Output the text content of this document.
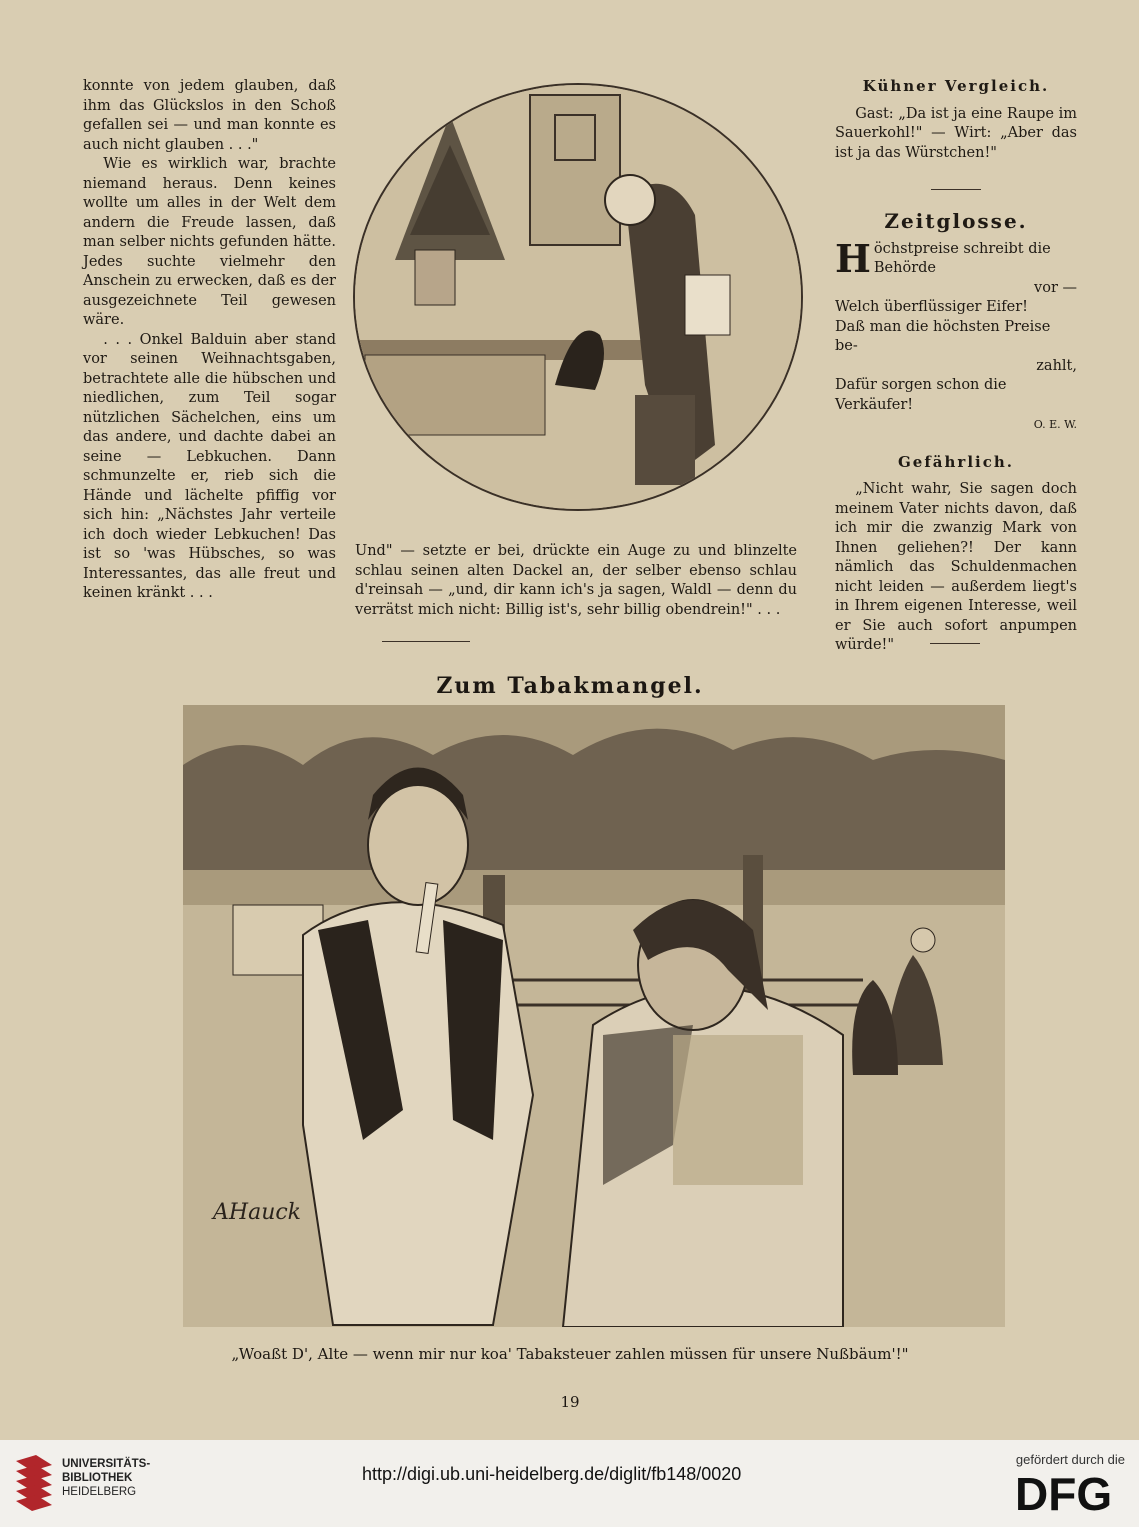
konnte von jedem glauben, daß ihm das Glückslos in den Schoß gefallen sei — und man konnte es auch nicht glauben . . ."

Wie es wirklich war, brachte niemand heraus. Denn keines wollte um alles in der Welt dem andern die Freude lassen, daß man selber nichts gefunden hätte. Jedes suchte vielmehr den Anschein zu erwecken, daß es der ausgezeichnete Teil gewesen wäre.

. . . Onkel Balduin aber stand vor seinen Weihnachtsgaben, betrachtete alle die hübschen und niedlichen, zum Teil sogar nützlichen Sächelchen, eins um das andere, und dachte dabei an seine — Lebkuchen. Dann schmunzelte er, rieb sich die Hände und lächelte pfiffig vor sich hin: „Nächstes Jahr verteile ich doch wieder Lebkuchen! Das ist so 'was Hübsches, so was Interessantes, das alle freut und keinen kränkt . . .

Und" — setzte er bei, drückte ein Auge zu und blinzelte schlau seinen alten Dackel an, der selber ebenso schlau d'reinsah — „und, dir kann ich's ja sagen, Waldl — denn du verrätst mich nicht: Billig ist's, sehr billig obendrein!" . . .

Kühner Vergleich.

Gast: „Da ist ja eine Raupe im Sauerkohl!" — Wirt: „Aber das ist ja das Würstchen!"

Zeitglosse.
H öchstpreise schreibt die Behörde
vor —
Welch überflüssiger Eifer!
Daß man die höchsten Preise be-
zahlt,
Dafür sorgen schon die Verkäufer!
O. E. W.
Gefährlich.

„Nicht wahr, Sie sagen doch meinem Vater nichts davon, daß ich mir die zwanzig Mark von Ihnen geliehen?! Der kann nämlich das Schuldenmachen nicht leiden — außerdem liegt's in Ihrem eigenen Interesse, weil er Sie auch sofort anpumpen würde!"

Zum Tabakmangel.
AHauck
„Woaßt D', Alte — wenn mir nur koa' Tabaksteuer zahlen müssen für unsere Nußbäum'!"
19
UNIVERSITÄTS-
BIBLIOTHEK
HEIDELBERG
http://digi.ub.uni-heidelberg.de/diglit/fb148/0020
gefördert durch die
DFG
